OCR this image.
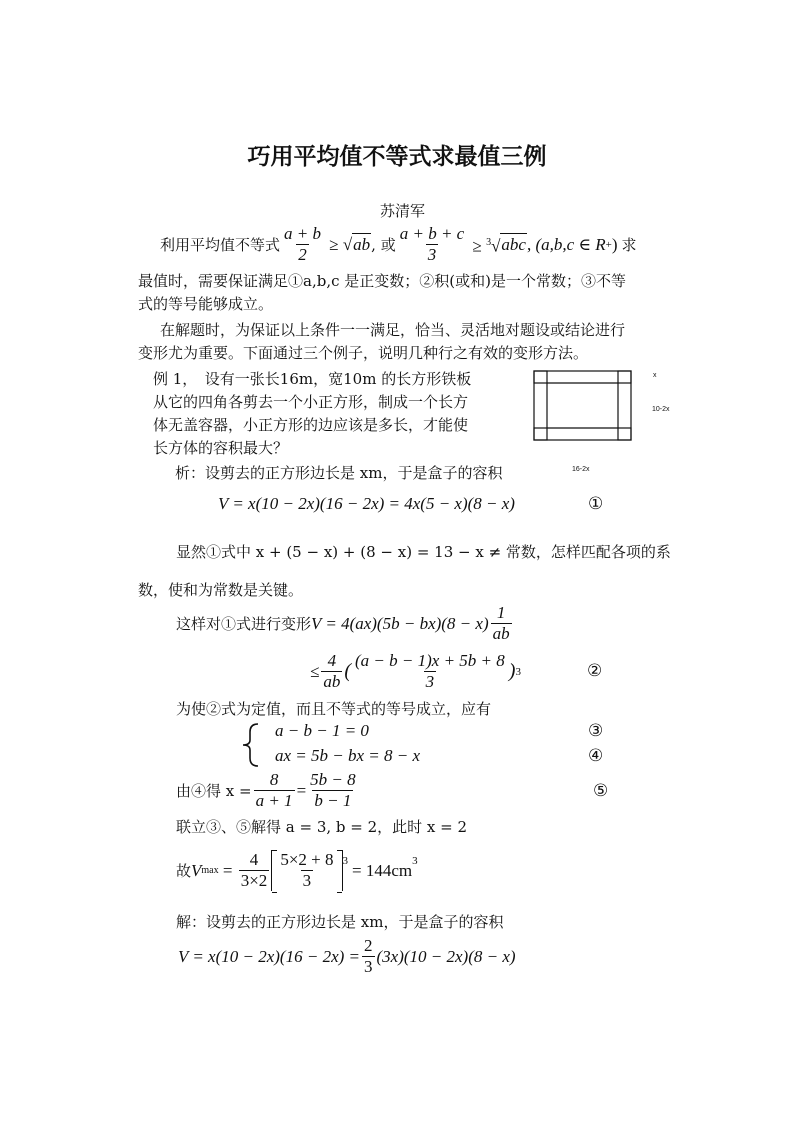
巧用平均值不等式求最值三例
苏清军
利用平均值不等式 $\frac{a + b}{2}$ ≥ √ ab , 或 $\frac{a + b + c}{3} \ge ^3√$ abc , (a,b,c ∈ R + ) 求
最值时，需要保证满足①a,b,c 是正变数；②积(或和)是一个常数；③不等
式的等号能够成立。
在解题时，为保证以上条件一一满足，恰当、灵活地对题设或结论进行
变形尤为重要。下面通过三个例子，说明几种行之有效的变形方法。
例 1，　设有一张长16m，宽10m 的长方形铁板
从它的四角各剪去一个小正方形，制成一个长方
体无盖容器，小正方形的边应该是多长，才能使
长方体的容积最大？
x
10-2x
16-2x
析：设剪去的正方形边长是 xm，于是盒子的容积
V = x(10 − 2x)(16 − 2x) = 4x(5 − x)(8 − x)	①
显然①式中 x + (5 − x) + (8 − x) = 13 − x ≠ 常数，怎样匹配各项的系
数，使和为常数是关键。
这样对①式进行变形 $V = 4(ax)(5b - bx)(8 - x) \frac{1}{ab}$
≤ $\frac{4}{ab}$ ( $\frac{(a - b - 1)x + 5b + 8}{3}$ ) 3	②
为使②式为定值，而且不等式的等号成立，应有
a − b − 1 = 0	③
ax = 5b − bx = 8 − x	④
由④得 $x = \frac{8}{a + 1} = \frac{5b - 8}{b - 1}$	⑤
联立③、⑤解得 a = 3, b = 2，此时 x = 2
故 V $\max = \frac{4}{3\times 2} \frac{5\times 2 + 8}{3} ^3 = 144cm^3$
解：设剪去的正方形边长是 xm，于是盒子的容积
$V = x(10 - 2x)(16 - 2x) = \frac{2}{3} (3x)(10 - 2x)(8 - x)$
